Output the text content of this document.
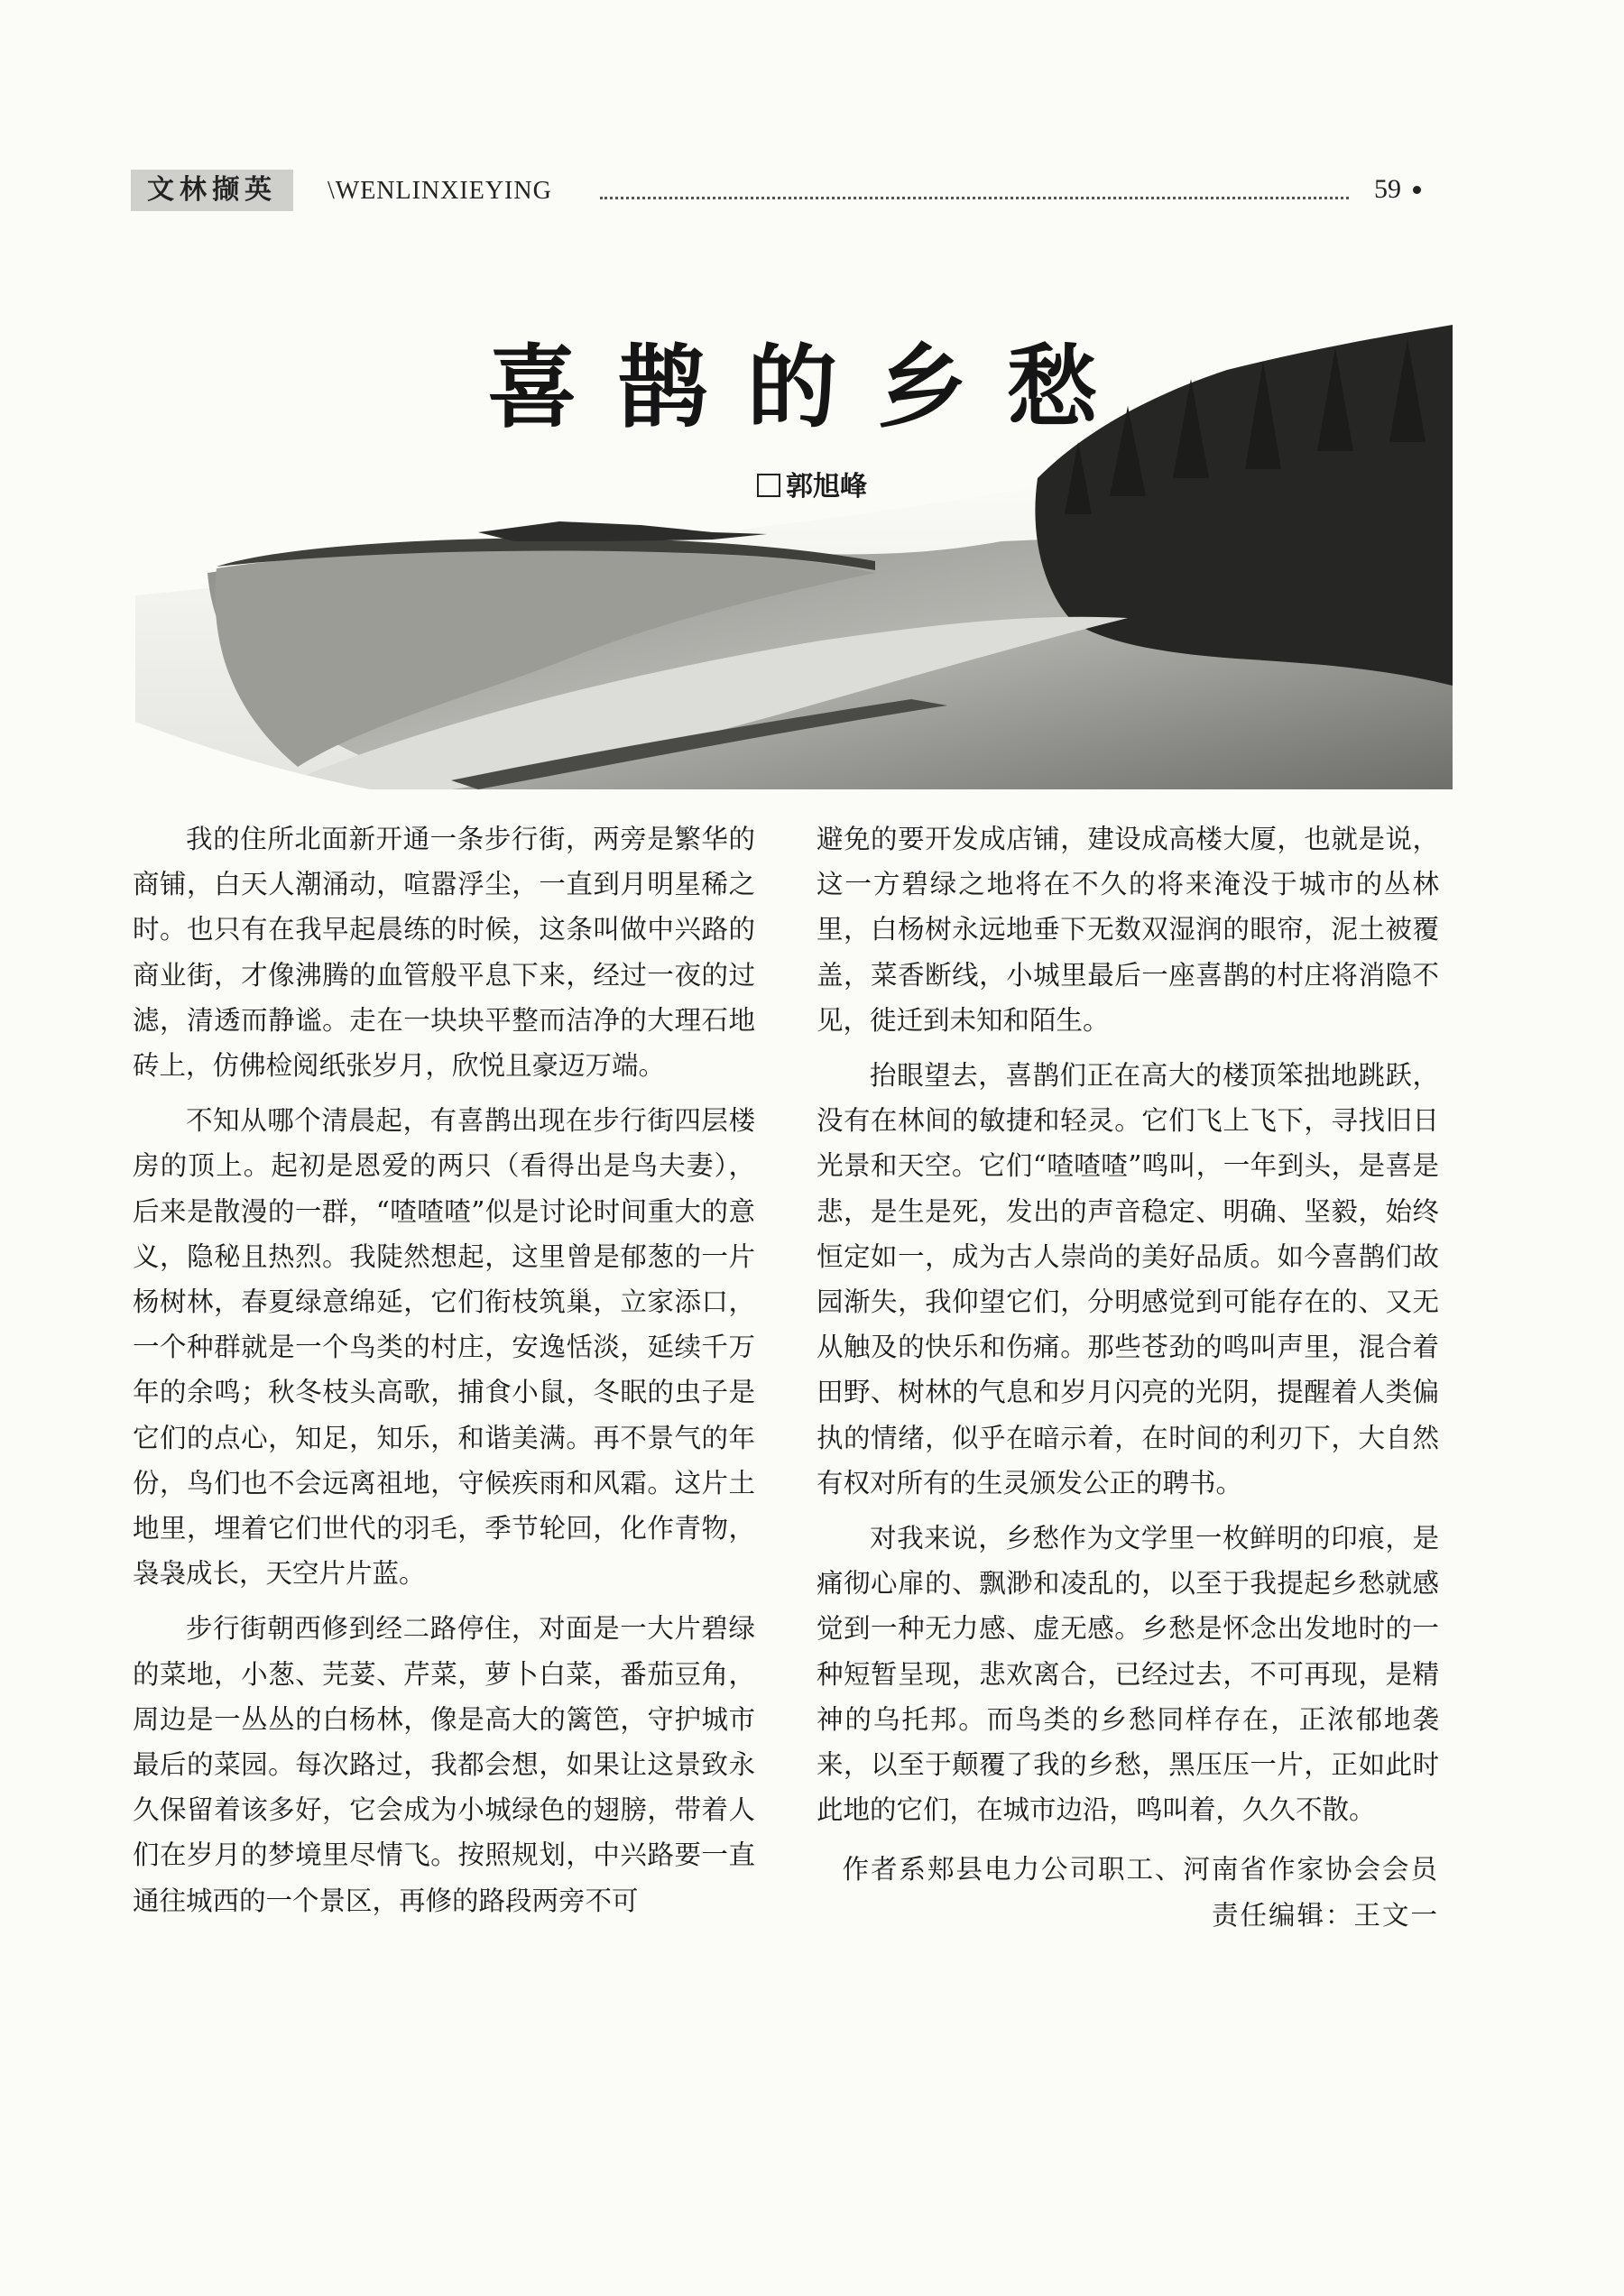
文林撷英	\WENLINXIEYING	59
喜鹊的乡愁
郭旭峰

我的住所北面新开通一条步行街，两旁是繁华的商铺，白天人潮涌动，喧嚣浮尘，一直到月明星稀之时。也只有在我早起晨练的时候，这条叫做中兴路的商业街，才像沸腾的血管般平息下来，经过一夜的过滤，清透而静谧。走在一块块平整而洁净的大理石地砖上，仿佛检阅纸张岁月，欣悦且豪迈万端。

不知从哪个清晨起，有喜鹊出现在步行街四层楼房的顶上。起初是恩爱的两只（看得出是鸟夫妻），后来是散漫的一群，“喳喳喳”似是讨论时间重大的意义，隐秘且热烈。我陡然想起，这里曾是郁葱的一片杨树林，春夏绿意绵延，它们衔枝筑巢，立家添口，一个种群就是一个鸟类的村庄，安逸恬淡，延续千万年的余鸣；秋冬枝头高歌，捕食小鼠，冬眠的虫子是它们的点心，知足，知乐，和谐美满。再不景气的年份，鸟们也不会远离祖地，守候疾雨和风霜。这片土地里，埋着它们世代的羽毛，季节轮回，化作青物，袅袅成长，天空片片蓝。

步行街朝西修到经二路停住，对面是一大片碧绿的菜地，小葱、芫荽、芹菜，萝卜白菜，番茄豆角，周边是一丛丛的白杨林，像是高大的篱笆，守护城市最后的菜园。每次路过，我都会想，如果让这景致永久保留着该多好，它会成为小城绿色的翅膀，带着人们在岁月的梦境里尽情飞。按照规划，中兴路要一直通往城西的一个景区，再修的路段两旁不可

避免的要开发成店铺，建设成高楼大厦，也就是说，这一方碧绿之地将在不久的将来淹没于城市的丛林里，白杨树永远地垂下无数双湿润的眼帘，泥土被覆盖，菜香断线，小城里最后一座喜鹊的村庄将消隐不见，徙迁到未知和陌生。

抬眼望去，喜鹊们正在高大的楼顶笨拙地跳跃，没有在林间的敏捷和轻灵。它们飞上飞下，寻找旧日光景和天空。它们“喳喳喳”鸣叫，一年到头，是喜是悲，是生是死，发出的声音稳定、明确、坚毅，始终恒定如一，成为古人崇尚的美好品质。如今喜鹊们故园渐失，我仰望它们，分明感觉到可能存在的、又无从触及的快乐和伤痛。那些苍劲的鸣叫声里，混合着田野、树林的气息和岁月闪亮的光阴，提醒着人类偏执的情绪，似乎在暗示着，在时间的利刃下，大自然有权对所有的生灵颁发公正的聘书。

对我来说，乡愁作为文学里一枚鲜明的印痕，是痛彻心扉的、飘渺和凌乱的，以至于我提起乡愁就感觉到一种无力感、虚无感。乡愁是怀念出发地时的一种短暂呈现，悲欢离合，已经过去，不可再现，是精神的乌托邦。而鸟类的乡愁同样存在，正浓郁地袭来，以至于颠覆了我的乡愁，黑压压一片，正如此时此地的它们，在城市边沿，鸣叫着，久久不散。

作者系郏县电力公司职工、河南省作家协会会员

责任编辑：王文一
